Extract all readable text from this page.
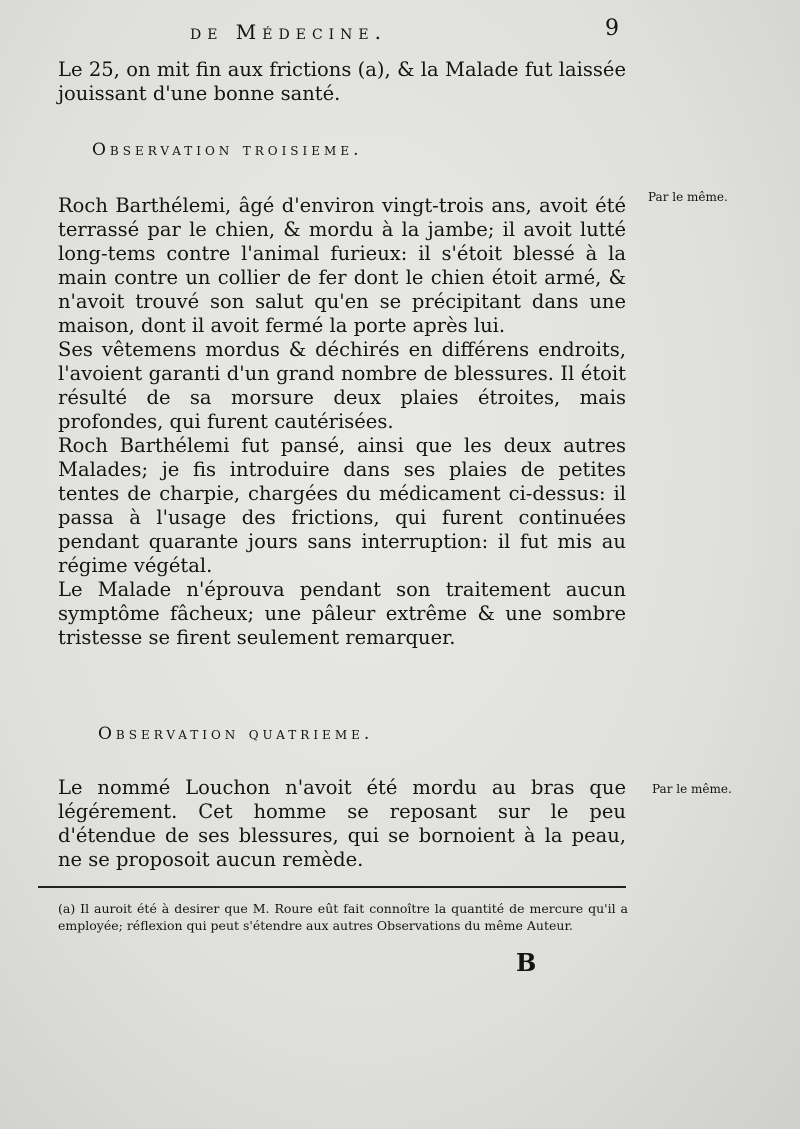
de Médecine.	9

Le 25, on mit fin aux frictions (a), & la Malade fut laissée jouissant d'une bonne santé.

Observation troisieme.
Par le même.

Roch Barthélemi, âgé d'environ vingt-trois ans, avoit été terrassé par le chien, & mordu à la jambe; il avoit lutté long-tems contre l'animal furieux: il s'étoit blessé à la main contre un collier de fer dont le chien étoit armé, & n'avoit trouvé son salut qu'en se précipitant dans une maison, dont il avoit fermé la porte après lui.

Ses vêtemens mordus & déchirés en différens endroits, l'avoient garanti d'un grand nombre de blessures. Il étoit résulté de sa morsure deux plaies étroites, mais profondes, qui furent cautérisées.

Roch Barthélemi fut pansé, ainsi que les deux autres Malades; je fis introduire dans ses plaies de petites tentes de charpie, chargées du médicament ci-dessus: il passa à l'usage des frictions, qui furent continuées pendant quarante jours sans interruption: il fut mis au régime végétal.

Le Malade n'éprouva pendant son traitement aucun symptôme fâcheux; une pâleur extrême & une sombre tristesse se firent seulement remarquer.

Observation quatrieme.
Par le même.

Le nommé Louchon n'avoit été mordu au bras que légérement. Cet homme se reposant sur le peu d'étendue de ses blessures, qui se bornoient à la peau, ne se proposoit aucun remède.

(a) Il auroit été à desirer que M. Roure eût fait connoître la quantité de mercure qu'il a employée; réflexion qui peut s'étendre aux autres Observations du même Auteur.
B
